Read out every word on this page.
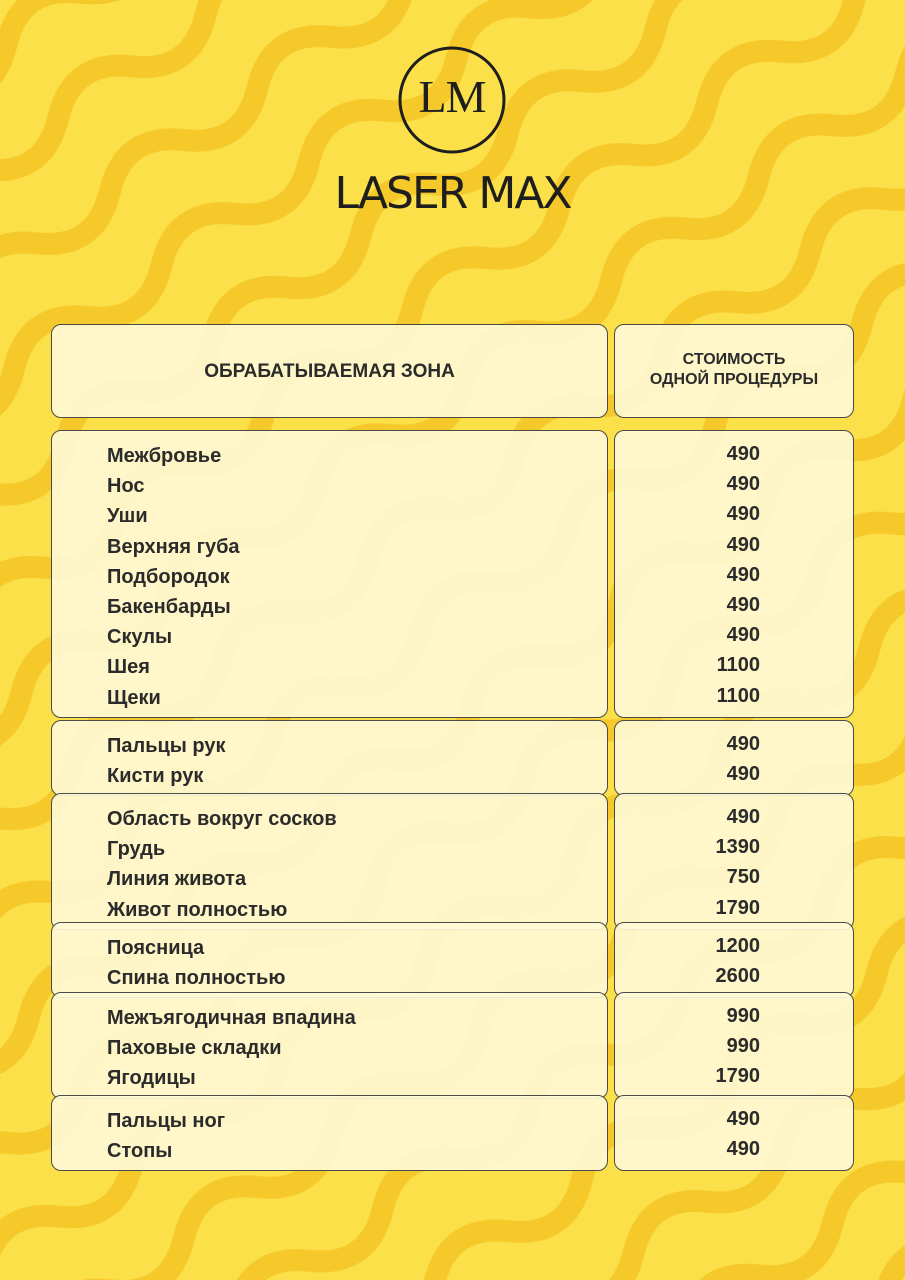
LM
LASER MAX
ОБРАБАТЫВАЕМАЯ ЗОНА
СТОИМОСТЬ
ОДНОЙ ПРОЦЕДУРЫ
Межбровье
Нос
Уши
Верхняя губа
Подбородок
Бакенбарды
Скулы
Шея
Щеки
490
490
490
490
490
490
490
1100
1100
Пальцы рук
Кисти рук
490
490
Область вокруг сосков
Грудь
Линия живота
Живот полностью
490
1390
750
1790
Поясница
Спина полностью
1200
2600
Межъягодичная впадина
Паховые складки
Ягодицы
990
990
1790
Пальцы ног
Стопы
490
490
